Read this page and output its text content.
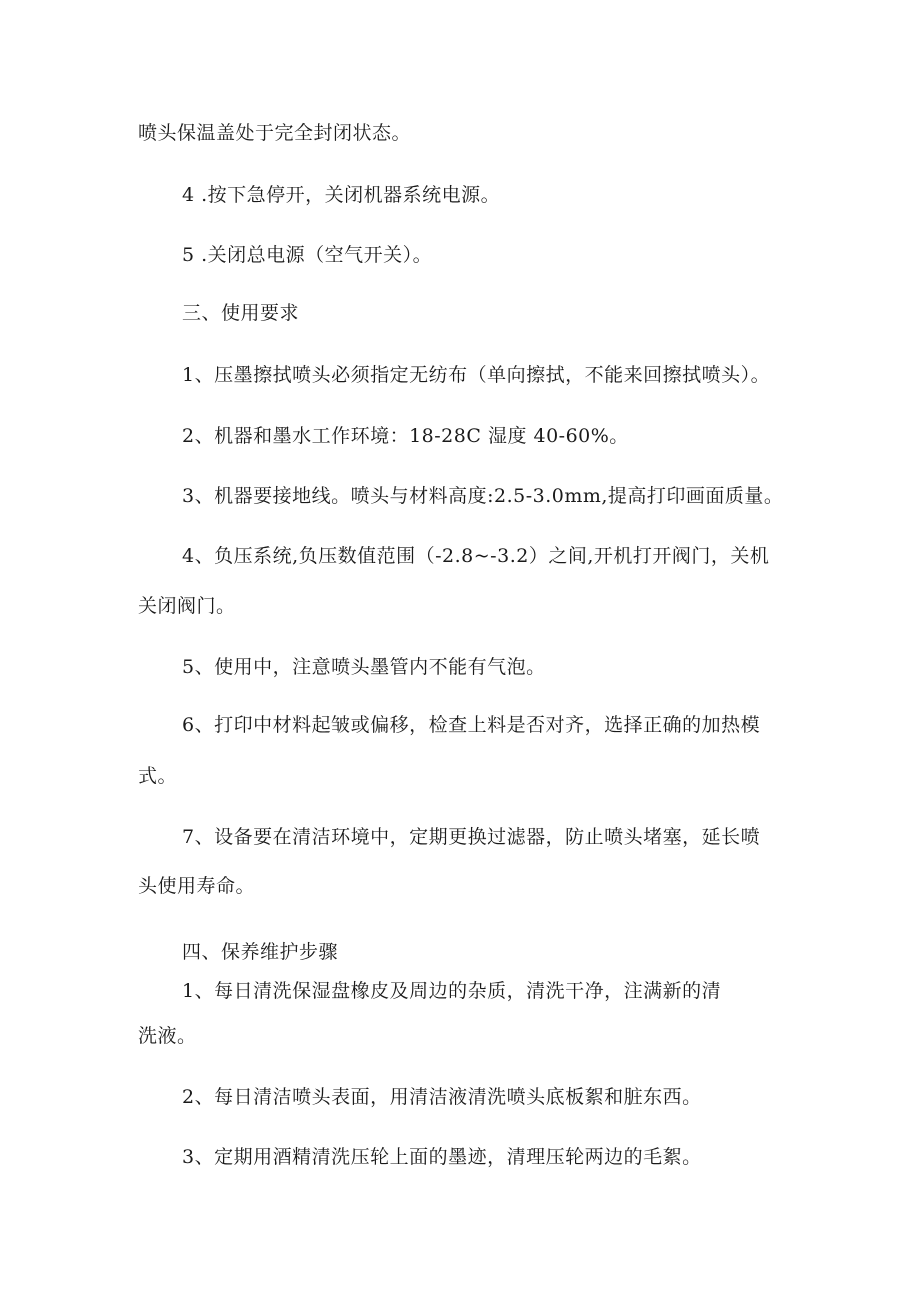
喷头保温盖处于完全封闭状态。
4 .按下急停开，关闭机器系统电源。
5 .关闭总电源（空气开关）。
三、使用要求
1、压墨擦拭喷头必须指定无纺布（单向擦拭，不能来回擦拭喷头）。
2、机器和墨水工作环境：18-28C 湿度 40-60%。
3、机器要接地线。喷头与材料高度:2.5-3.0mm,提高打印画面质量。
4、负压系统,负压数值范围（-2.8~-3.2）之间,开机打开阀门，关机
关闭阀门。
5、使用中，注意喷头墨管内不能有气泡。
6、打印中材料起皱或偏移，检查上料是否对齐，选择正确的加热模
式。
7、设备要在清洁环境中，定期更换过滤器，防止喷头堵塞，延长喷
头使用寿命。
四、保养维护步骤
1、每日清洗保湿盘橡皮及周边的杂质，清洗干净，注满新的清
洗液。
2、每日清洁喷头表面，用清洁液清洗喷头底板絮和脏东西。
3、定期用酒精清洗压轮上面的墨迹，清理压轮两边的毛絮。
